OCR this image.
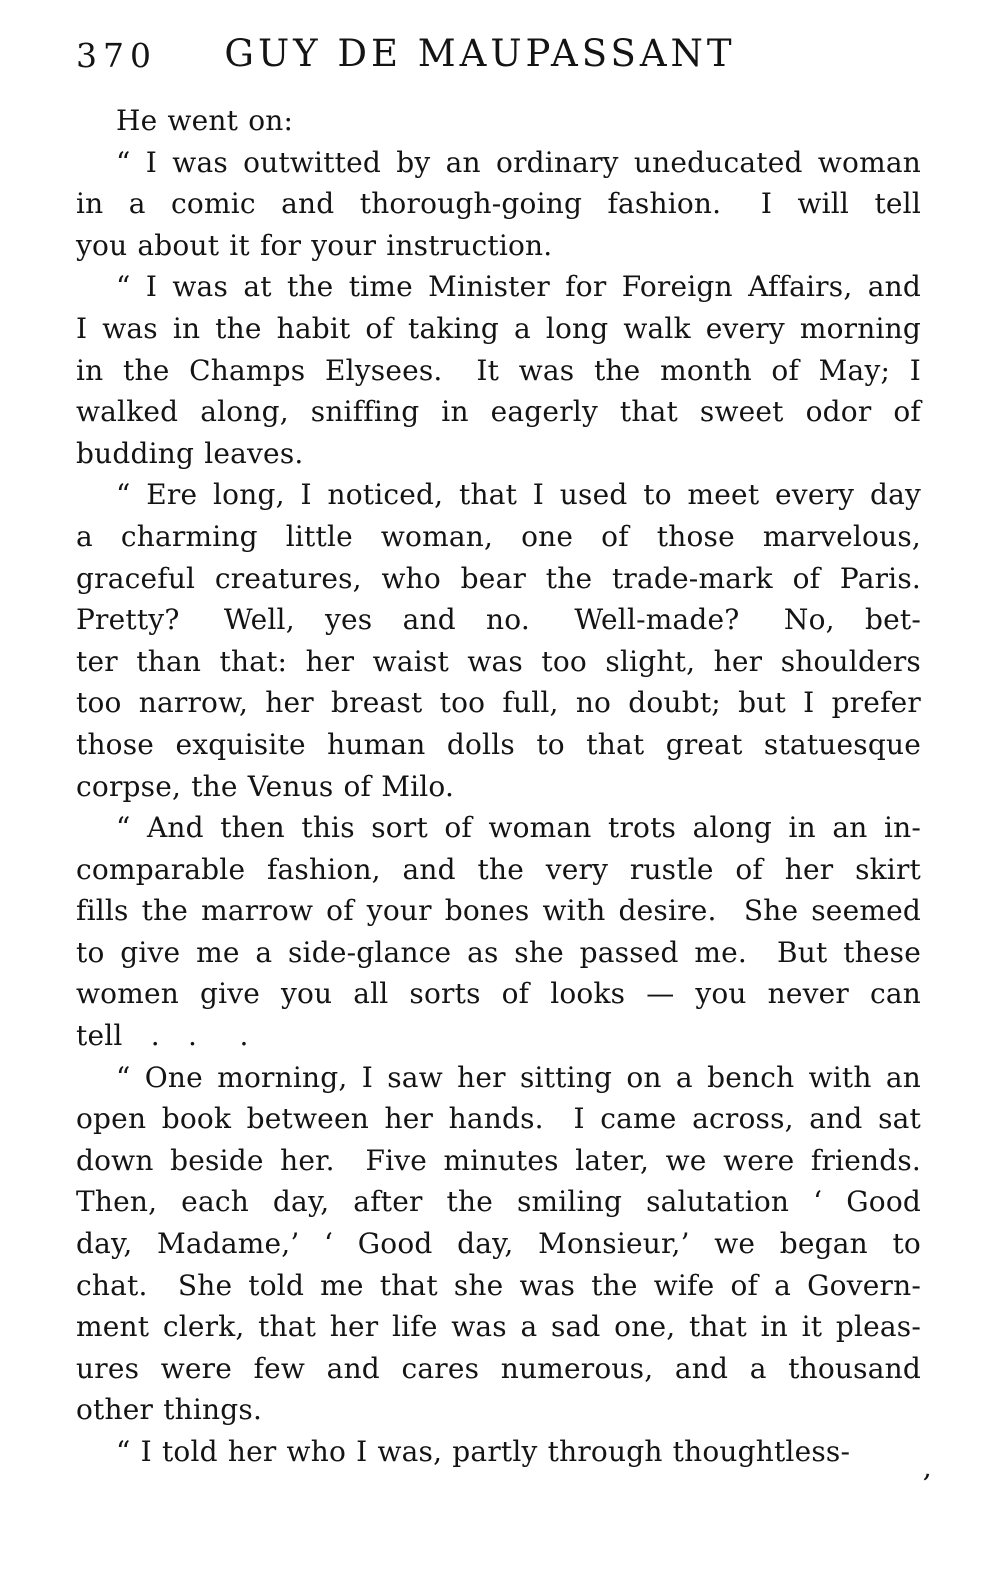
370	GUY DE MAUPASSANT
He went on:
“ I was outwitted by an ordinary uneducated woman
in a comic and thorough-going fashion.  I will tell
you about it for your instruction.
“ I was at the time Minister for Foreign Affairs, and
I was in the habit of taking a long walk every morning
in the Champs Elysees.  It was the month of May; I
walked along, sniffing in eagerly that sweet odor of
budding leaves.
“ Ere long, I noticed, that I used to meet every day
a charming little woman, one of those marvelous,
graceful creatures, who bear the trade-mark of Paris.
Pretty?  Well, yes and no.  Well-made?  No, bet-
ter than that: her waist was too slight, her shoulders
too narrow, her breast too full, no doubt; but I prefer
those exquisite human dolls to that great statuesque
corpse, the Venus of Milo.
“ And then this sort of woman trots along in an in-
comparable fashion, and the very rustle of her skirt
fills the marrow of your bones with desire.  She seemed
to give me a side-glance as she passed me.  But these
women give you all sorts of looks — you never can
tell . .  .
“ One morning, I saw her sitting on a bench with an
open book between her hands.  I came across, and sat
down beside her.  Five minutes later, we were friends.
Then, each day, after the smiling salutation ‘ Good
day, Madame,’ ‘ Good day, Monsieur,’ we began to
chat.  She told me that she was the wife of a Govern-
ment clerk, that her life was a sad one, that in it pleas-
ures were few and cares numerous, and a thousand
other things.
“ I told her who I was, partly through thoughtless-
’
